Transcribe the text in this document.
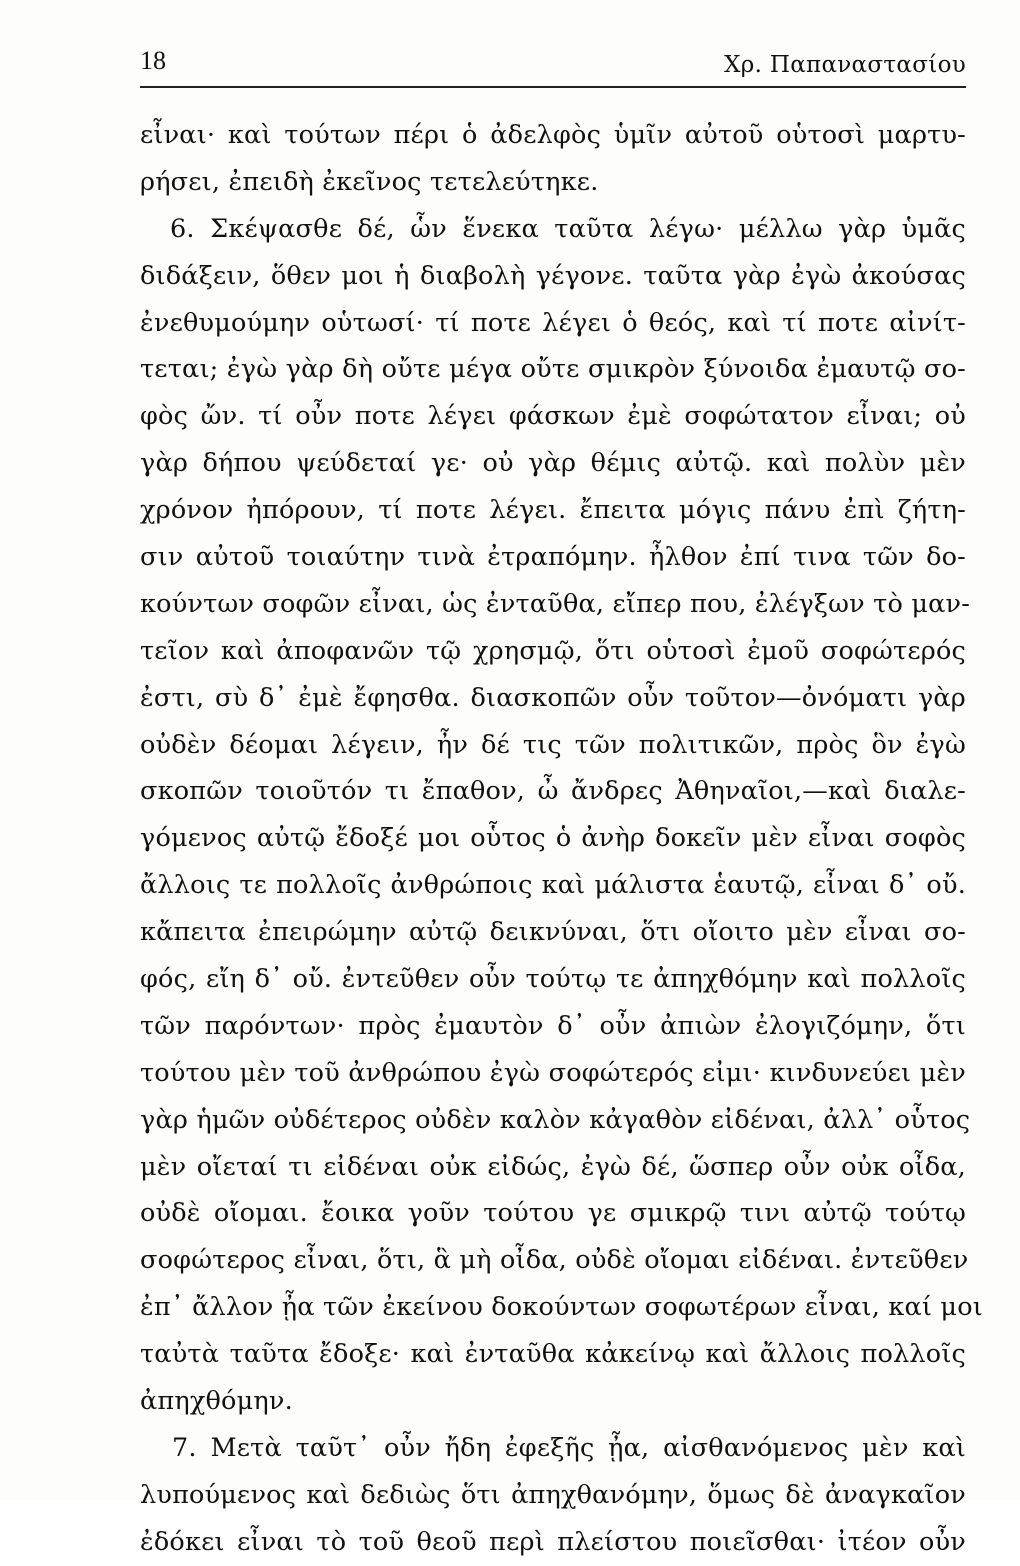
18	Χρ. Παπαναστασίου
εἶναι· καὶ τούτων πέρι ὁ ἀδελφὸς ὑμῖν αὐτοῦ οὑτοσὶ μαρτυ-
ρήσει, ἐπειδὴ ἐκεῖνος τετελεύτηκε.
6. Σκέψασθε δέ, ὧν ἕνεκα ταῦτα λέγω· μέλλω γὰρ ὑμᾶς
διδάξειν, ὅθεν μοι ἡ διαβολὴ γέγονε. ταῦτα γὰρ ἐγὼ ἀκούσας
ἐνεθυμούμην οὑτωσί· τί ποτε λέγει ὁ θεός, καὶ τί ποτε αἰνίτ-
τεται; ἐγὼ γὰρ δὴ οὔτε μέγα οὔτε σμικρὸν ξύνοιδα ἐμαυτῷ σο-
φὸς ὤν. τί οὖν ποτε λέγει φάσκων ἐμὲ σοφώτατον εἶναι; οὐ
γὰρ δήπου ψεύδεταί γε· οὐ γὰρ θέμις αὐτῷ. καὶ πολὺν μὲν
χρόνον ἠπόρουν, τί ποτε λέγει. ἔπειτα μόγις πάνυ ἐπὶ ζήτη-
σιν αὐτοῦ τοιαύτην τινὰ ἐτραπόμην. ἦλθον ἐπί τινα τῶν δο-
κούντων σοφῶν εἶναι, ὡς ἐνταῦθα, εἴπερ που, ἐλέγξων τὸ μαν-
τεῖον καὶ ἀποφανῶν τῷ χρησμῷ, ὅτι οὑτοσὶ ἐμοῦ σοφώτερός
ἐστι, σὺ δ᾽ ἐμὲ ἔφησθα. διασκοπῶν οὖν τοῦτον—ὀνόματι γὰρ
οὐδὲν δέομαι λέγειν, ἦν δέ τις τῶν πολιτικῶν, πρὸς ὃν ἐγὼ
σκοπῶν τοιοῦτόν τι ἔπαθον, ὦ ἄνδρες Ἀθηναῖοι,—καὶ διαλε-
γόμενος αὐτῷ ἔδοξέ μοι οὗτος ὁ ἀνὴρ δοκεῖν μὲν εἶναι σοφὸς
ἄλλοις τε πολλοῖς ἀνθρώποις καὶ μάλιστα ἑαυτῷ, εἶναι δ᾽ οὔ.
κἄπειτα ἐπειρώμην αὐτῷ δεικνύναι, ὅτι οἴοιτο μὲν εἶναι σο-
φός, εἴη δ᾽ οὔ. ἐντεῦθεν οὖν τούτῳ τε ἀπηχθόμην καὶ πολλοῖς
τῶν παρόντων· πρὸς ἐμαυτὸν δ᾽ οὖν ἀπιὼν ἐλογιζόμην, ὅτι
τούτου μὲν τοῦ ἀνθρώπου ἐγὼ σοφώτερός εἰμι· κινδυνεύει μὲν
γὰρ ἡμῶν οὐδέτερος οὐδὲν καλὸν κἀγαθὸν εἰδέναι, ἀλλ᾽ οὗτος
μὲν οἴεταί τι εἰδέναι οὐκ εἰδώς, ἐγὼ δέ, ὥσπερ οὖν οὐκ οἶδα,
οὐδὲ οἴομαι. ἔοικα γοῦν τούτου γε σμικρῷ τινι αὐτῷ τούτῳ
σοφώτερος εἶναι, ὅτι, ἃ μὴ οἶδα, οὐδὲ οἴομαι εἰδέναι. ἐντεῦθεν
ἐπ᾽ ἄλλον ᾖα τῶν ἐκείνου δοκούντων σοφωτέρων εἶναι, καί μοι
ταὐτὰ ταῦτα ἔδοξε· καὶ ἐνταῦθα κἀκείνῳ καὶ ἄλλοις πολλοῖς
ἀπηχθόμην.
7. Μετὰ ταῦτ᾽ οὖν ἤδη ἐφεξῆς ᾖα, αἰσθανόμενος μὲν καὶ
λυπούμενος καὶ δεδιὼς ὅτι ἀπηχθανόμην, ὅμως δὲ ἀναγκαῖον
ἐδόκει εἶναι τὸ τοῦ θεοῦ περὶ πλείστου ποιεῖσθαι· ἰτέον οὖν
